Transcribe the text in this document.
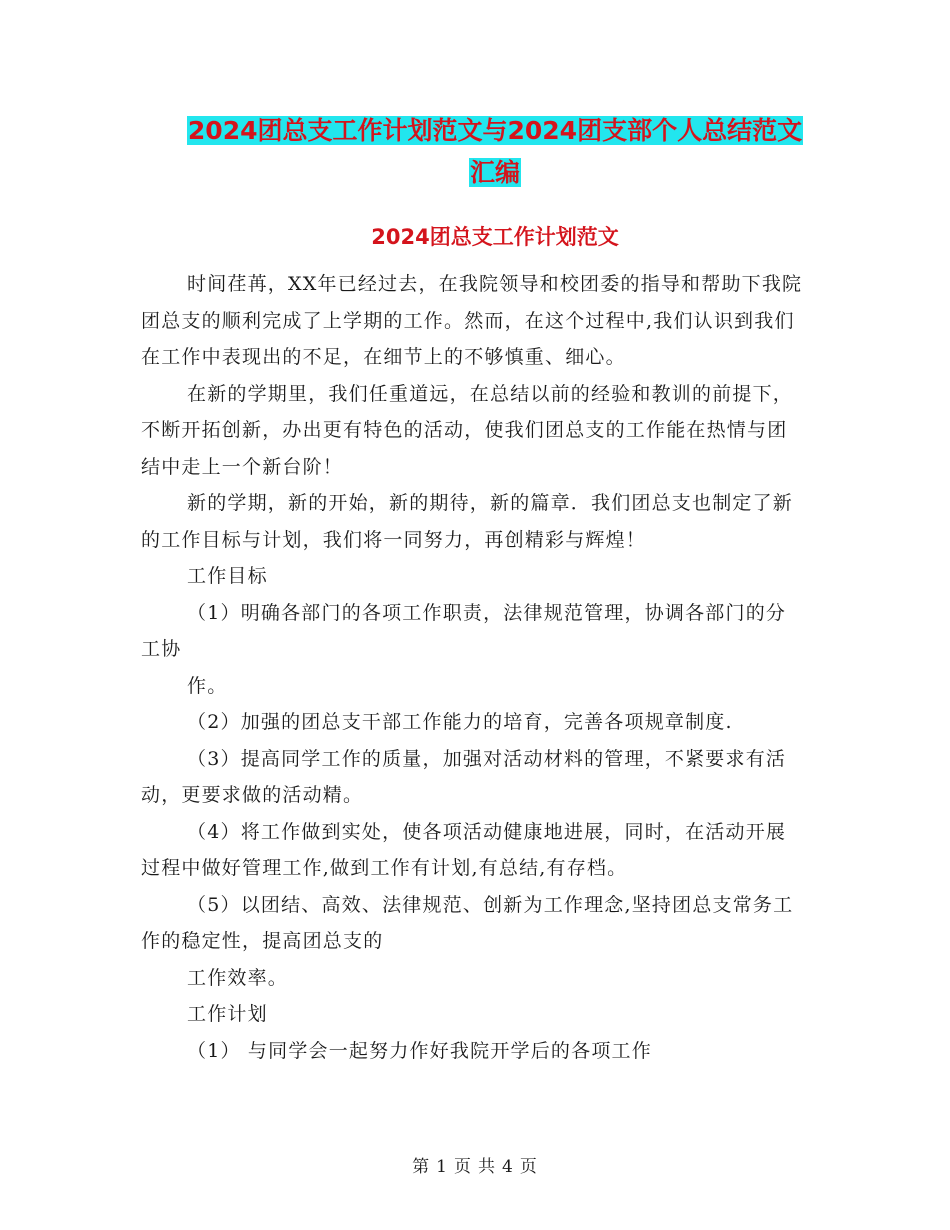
2024团总支工作计划范文与2024团支部个人总结范文
汇编
2024团总支工作计划范文

时间荏苒，XX年已经过去，在我院领导和校团委的指导和帮助下我院团总支的顺利完成了上学期的工作。然而，在这个过程中,我们认识到我们在工作中表现出的不足，在细节上的不够慎重、细心。

在新的学期里，我们任重道远，在总结以前的经验和教训的前提下，不断开拓创新，办出更有特色的活动，使我们团总支的工作能在热情与团结中走上一个新台阶！

新的学期，新的开始，新的期待，新的篇章．我们团总支也制定了新的工作目标与计划，我们将一同努力，再创精彩与辉煌！

工作目标

（1）明确各部门的各项工作职责，法律规范管理，协调各部门的分工协

作。

（2）加强的团总支干部工作能力的培育，完善各项规章制度.

（3）提高同学工作的质量，加强对活动材料的管理，不紧要求有活动，更要求做的活动精。

（4）将工作做到实处，使各项活动健康地进展，同时，在活动开展过程中做好管理工作,做到工作有计划,有总结,有存档。

（5）以团结、高效、法律规范、创新为工作理念,坚持团总支常务工作的稳定性，提高团总支的

工作效率。

工作计划

（1） 与同学会一起努力作好我院开学后的各项工作

第 1 页 共 4 页
